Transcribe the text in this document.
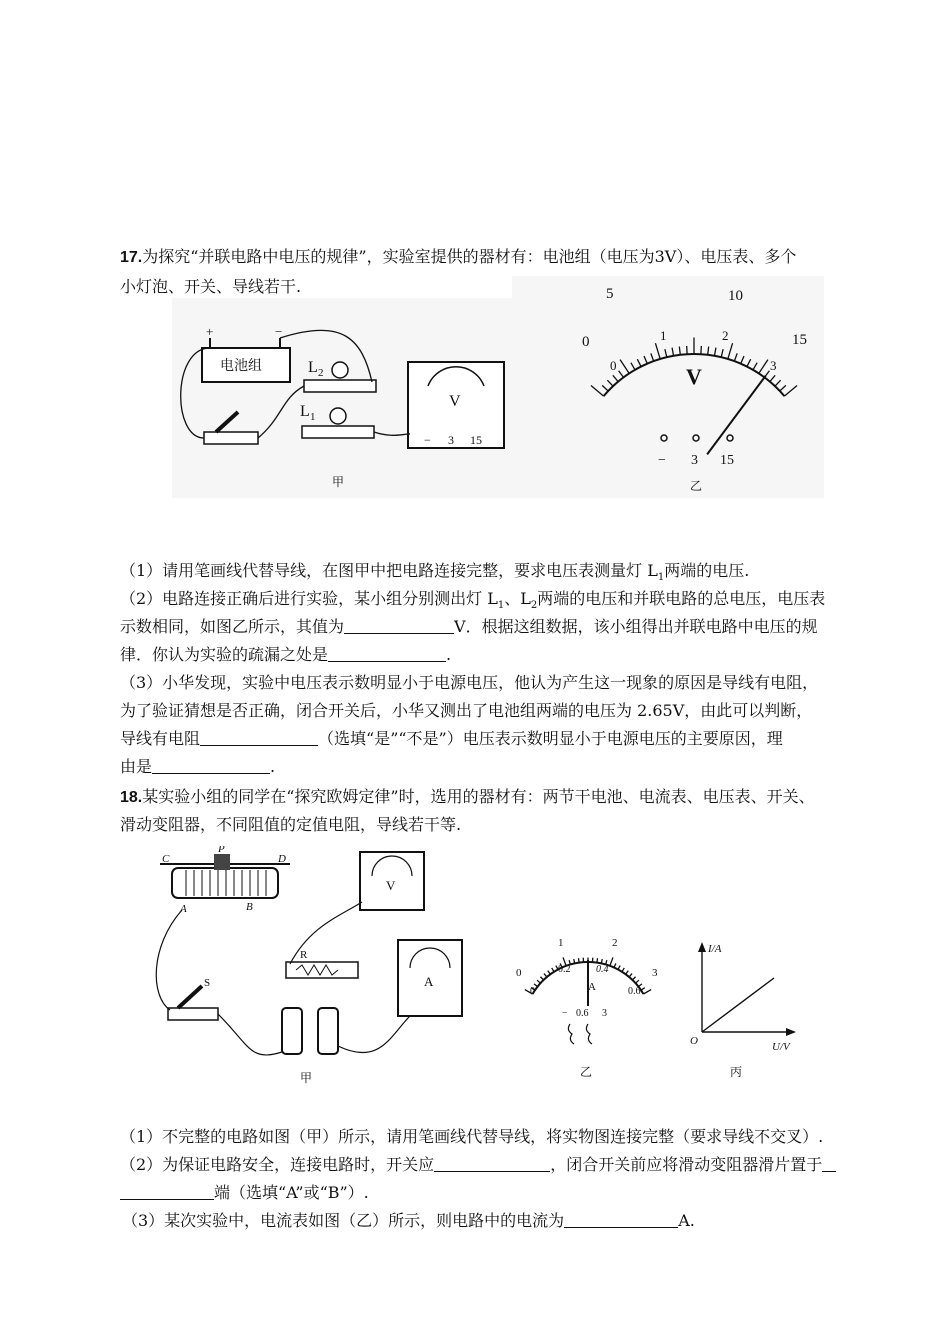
17.为探究“并联电路中电压的规律”，实验室提供的器材有：电池组（电压为3V）、电压表、多个
小灯泡、开关、导线若干.
+	−
电池组	L 2
L 1
V
− 3 15
甲
0
5	10
15
0
1	2
3
V
− 3 15
乙
（1）请用笔画线代替导线，在图甲中把电路连接完整，要求电压表测量灯 $L_1$两端的电压.
（2）电路连接正确后进行实验，某小组分别测出灯 $L_1$、$L_2$两端的电压和并联电路的总电压，电压表
示数相同，如图乙所示，其值为	V．根据这组数据，该小组得出并联电路中电压的规
律．你认为实验的疏漏之处是	.
（3）小华发现，实验中电压表示数明显小于电源电压，他认为产生这一现象的原因是导线有电阻，
为了验证猜想是否正确，闭合开关后，小华又测出了电池组两端的电压为 2.65V，由此可以判断，
导线有电阻	（选填“是”“不是”）电压表示数明显小于电源电压的主要原因，理
由是	.
18.某实验小组的同学在“探究欧姆定律”时，选用的器材有：两节干电池、电流表、电压表、开关、
滑动变阻器，不同阻值的定值电阻，导线若干等.
C
P
D
A	B
V
R
A
S
甲
0
1	2
3
0
0.2	0.4
0.6
A
− 0.6 3
乙
I/A
U/V
O
丙
（1）不完整的电路如图（甲）所示，请用笔画线代替导线，将实物图连接完整（要求导线不交叉）.
（2）为保证电路安全，连接电路时，开关应	，闭合开关前应将滑动变阻器滑片置于
端（选填“A”或“B”）.
（3）某次实验中，电流表如图（乙）所示，则电路中的电流为	A.
